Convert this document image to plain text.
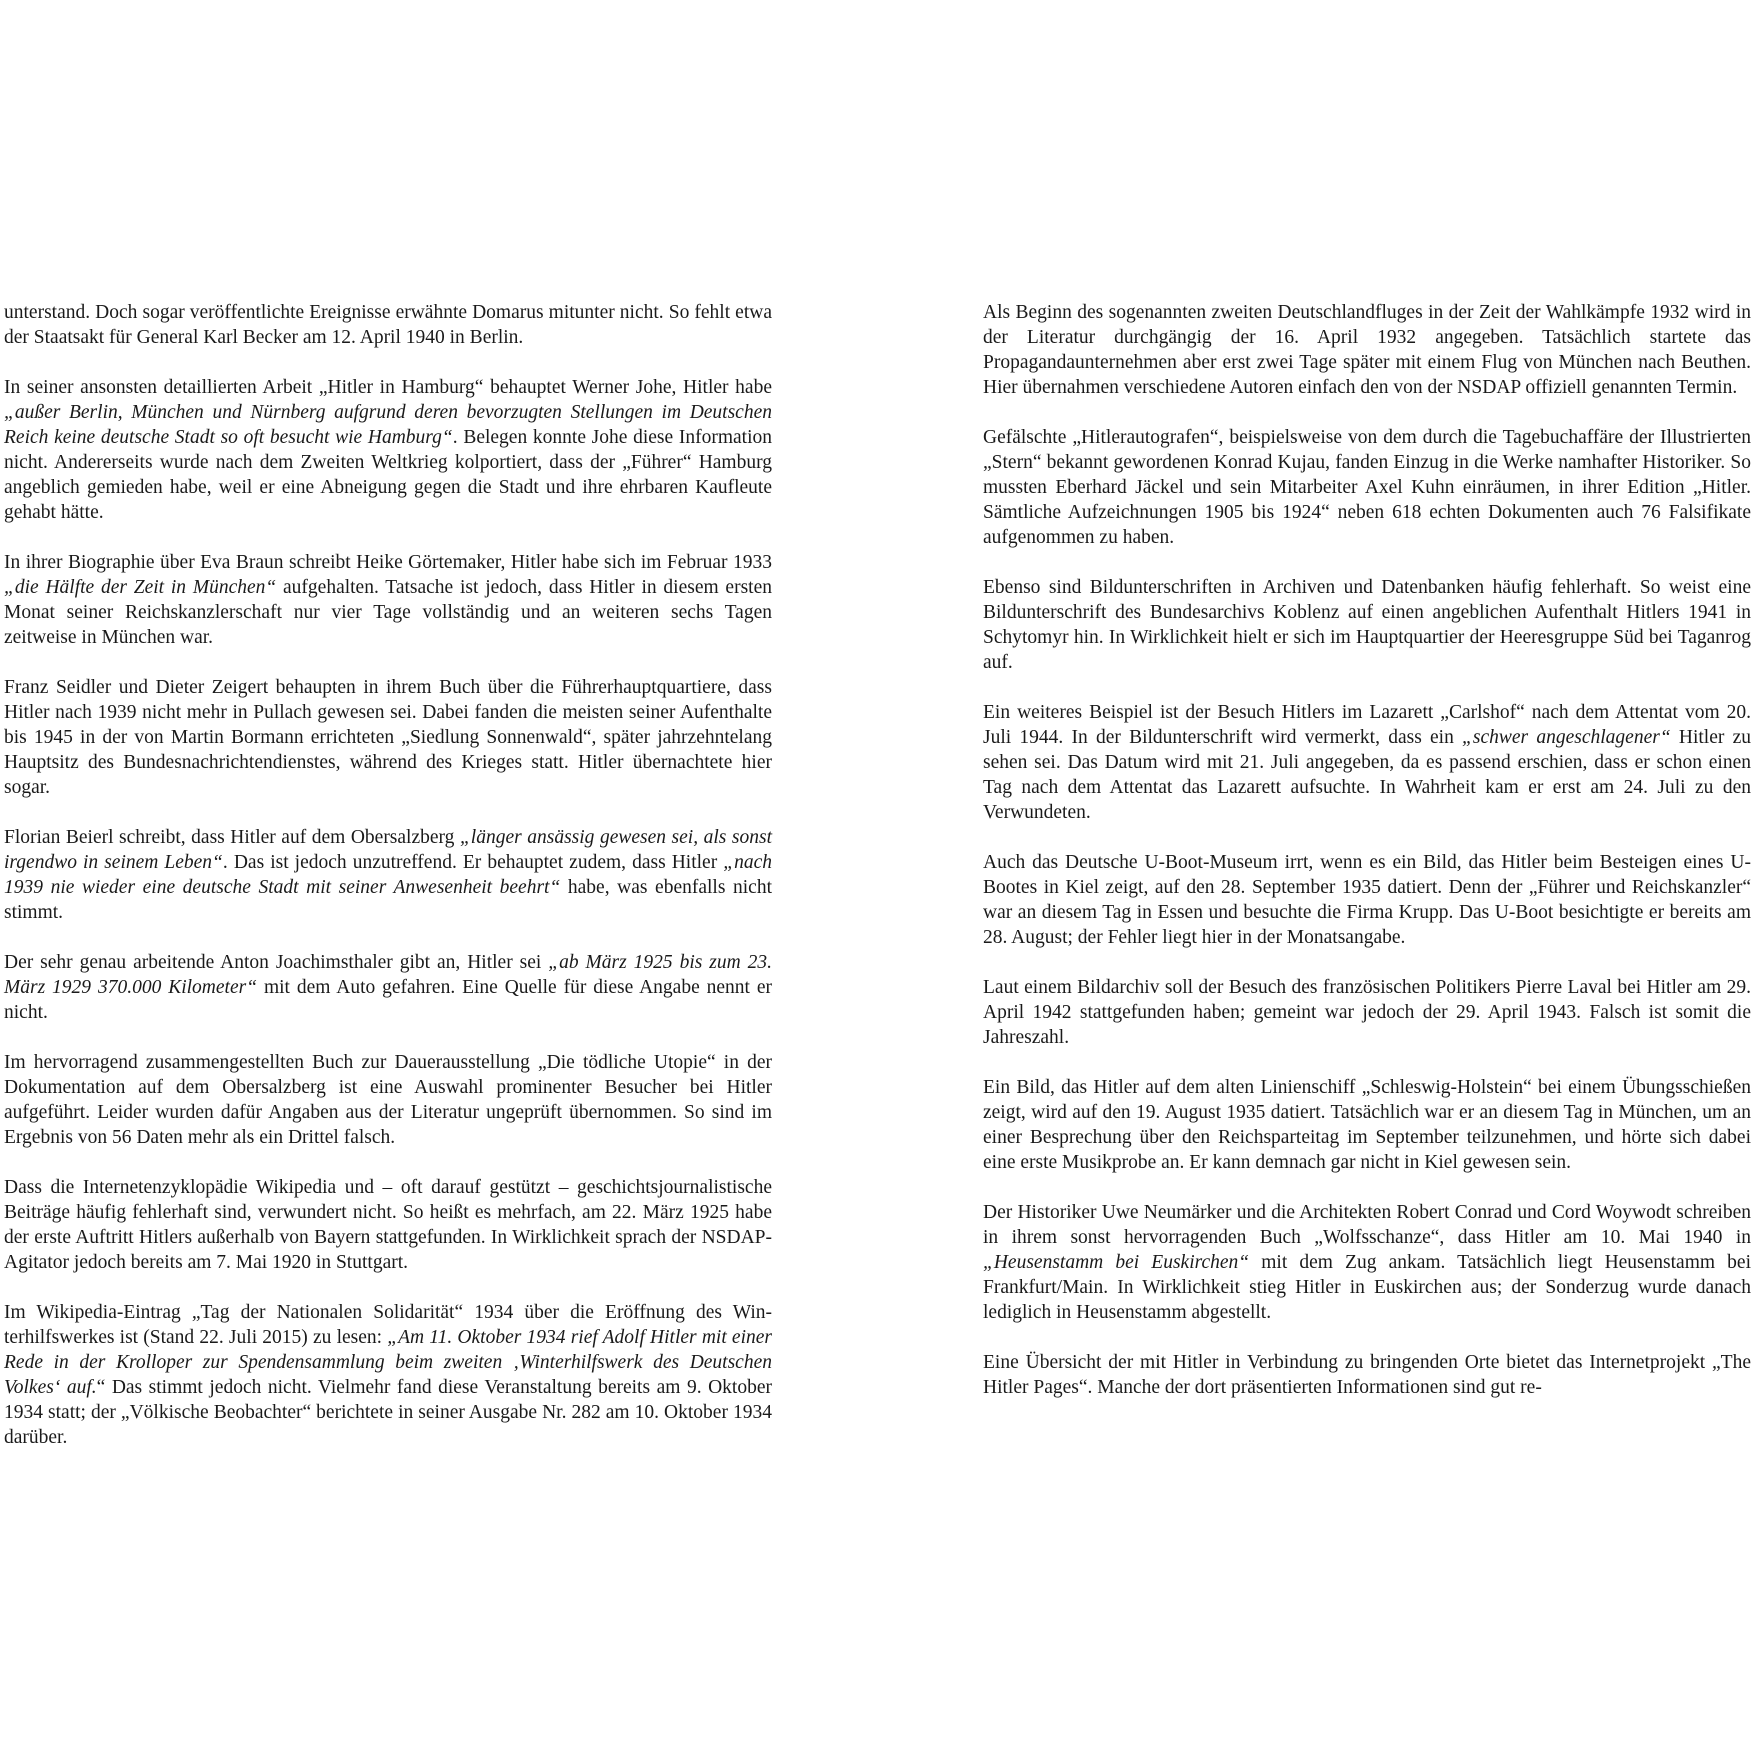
unterstand. Doch sogar veröffentlichte Ereignisse erwähnte Domarus mitunter nicht. So fehlt etwa der Staatsakt für General Karl Becker am 12. April 1940 in Berlin.

In seiner ansonsten detaillierten Arbeit „Hitler in Hamburg“ behauptet Werner Johe, Hitler habe „außer Berlin, München und Nürnberg aufgrund deren bevorzugten Stellungen im Deutschen Reich keine deutsche Stadt so oft besucht wie Hamburg“. Belegen konnte Johe diese Information nicht. Andererseits wurde nach dem Zweiten Weltkrieg kolportiert, dass der „Führer“ Hamburg angeblich gemieden habe, weil er eine Abneigung gegen die Stadt und ihre ehrbaren Kaufleute gehabt hätte.

In ihrer Biographie über Eva Braun schreibt Heike Görtemaker, Hitler habe sich im Februar 1933 „die Hälfte der Zeit in München“ aufgehalten. Tatsache ist jedoch, dass Hitler in diesem ersten Monat seiner Reichskanzlerschaft nur vier Tage vollständig und an weiteren sechs Tagen zeitweise in München war.

Franz Seidler und Dieter Zeigert behaupten in ihrem Buch über die Führerhauptquartiere, dass Hitler nach 1939 nicht mehr in Pullach gewesen sei. Dabei fanden die meisten seiner Aufenthalte bis 1945 in der von Martin Bormann errichteten „Siedlung Sonnenwald“, später jahrzehntelang Hauptsitz des Bundesnachrichtendienstes, während des Krieges statt. Hitler übernachtete hier sogar.

Florian Beierl schreibt, dass Hitler auf dem Obersalzberg „länger ansässig gewesen sei, als sonst irgendwo in seinem Leben“. Das ist jedoch unzutreffend. Er behauptet zudem, dass Hitler „nach 1939 nie wieder eine deutsche Stadt mit seiner Anwesenheit beehrt“ habe, was ebenfalls nicht stimmt.

Der sehr genau arbeitende Anton Joachimsthaler gibt an, Hitler sei „ab März 1925 bis zum 23. März 1929 370.000 Kilometer“ mit dem Auto gefahren. Eine Quelle für diese Angabe nennt er nicht.

Im hervorragend zusammengestellten Buch zur Dauerausstellung „Die tödliche Utopie“ in der Dokumentation auf dem Obersalzberg ist eine Auswahl prominenter Besucher bei Hitler aufgeführt. Leider wurden dafür Angaben aus der Literatur ungeprüft übernommen. So sind im Ergebnis von 56 Daten mehr als ein Drittel falsch.

Dass die Internetenzyklopädie Wikipedia und – oft darauf gestützt – geschichtsjournalistische Beiträge häufig fehlerhaft sind, verwundert nicht. So heißt es mehrfach, am 22. März 1925 habe der erste Auftritt Hitlers außerhalb von Bayern stattgefunden. In Wirklichkeit sprach der NSDAP-Agitator jedoch bereits am 7. Mai 1920 in Stuttgart.

Im Wikipedia-Eintrag „Tag der Nationalen Solidarität“ 1934 über die Eröffnung des Winterhilfswerkes ist (Stand 22. Juli 2015) zu lesen: „Am 11. Oktober 1934 rief Adolf Hitler mit einer Rede in der Krolloper zur Spendensammlung beim zweiten ‚Winterhilfswerk des Deutschen Volkes‘ auf.“ Das stimmt jedoch nicht. Vielmehr fand diese Veranstaltung bereits am 9. Oktober 1934 statt; der „Völkische Beobachter“ berichtete in seiner Ausgabe Nr. 282 am 10. Oktober 1934 darüber.

Als Beginn des sogenannten zweiten Deutschlandfluges in der Zeit der Wahlkämpfe 1932 wird in der Literatur durchgängig der 16. April 1932 angegeben. Tatsächlich startete das Propagandaunternehmen aber erst zwei Tage später mit einem Flug von München nach Beuthen. Hier übernahmen verschiedene Autoren einfach den von der NSDAP offiziell genannten Termin.

Gefälschte „Hitlerautografen“, beispielsweise von dem durch die Tagebuchaffäre der Illustrierten „Stern“ bekannt gewordenen Konrad Kujau, fanden Einzug in die Werke namhafter Historiker. So mussten Eberhard Jäckel und sein Mitarbeiter Axel Kuhn einräumen, in ihrer Edition „Hitler. Sämtliche Aufzeichnungen 1905 bis 1924“ neben 618 echten Dokumenten auch 76 Falsifikate aufgenommen zu haben.

Ebenso sind Bildunterschriften in Archiven und Datenbanken häufig fehlerhaft. So weist eine Bildunterschrift des Bundesarchivs Koblenz auf einen angeblichen Aufenthalt Hitlers 1941 in Schytomyr hin. In Wirklichkeit hielt er sich im Hauptquartier der Heeresgruppe Süd bei Taganrog auf.

Ein weiteres Beispiel ist der Besuch Hitlers im Lazarett „Carlshof“ nach dem Attentat vom 20. Juli 1944. In der Bildunterschrift wird vermerkt, dass ein „schwer angeschlagener“ Hitler zu sehen sei. Das Datum wird mit 21. Juli angegeben, da es passend erschien, dass er schon einen Tag nach dem Attentat das Lazarett aufsuchte. In Wahrheit kam er erst am 24. Juli zu den Verwundeten.

Auch das Deutsche U-Boot-Museum irrt, wenn es ein Bild, das Hitler beim Besteigen eines U-Bootes in Kiel zeigt, auf den 28. September 1935 datiert. Denn der „Führer und Reichskanzler“ war an diesem Tag in Essen und besuchte die Firma Krupp. Das U-Boot besichtigte er bereits am 28. August; der Fehler liegt hier in der Monatsangabe.

Laut einem Bildarchiv soll der Besuch des französischen Politikers Pierre Laval bei Hitler am 29. April 1942 stattgefunden haben; gemeint war jedoch der 29. April 1943. Falsch ist somit die Jahreszahl.

Ein Bild, das Hitler auf dem alten Linienschiff „Schleswig-Holstein“ bei einem Übungsschießen zeigt, wird auf den 19. August 1935 datiert. Tatsächlich war er an diesem Tag in München, um an einer Besprechung über den Reichsparteitag im September teilzunehmen, und hörte sich dabei eine erste Musikprobe an. Er kann demnach gar nicht in Kiel gewesen sein.

Der Historiker Uwe Neumärker und die Architekten Robert Conrad und Cord Woywodt schreiben in ihrem sonst hervorragenden Buch „Wolfsschanze“, dass Hitler am 10. Mai 1940 in „Heusenstamm bei Euskirchen“ mit dem Zug ankam. Tatsächlich liegt Heusenstamm bei Frankfurt/Main. In Wirklichkeit stieg Hitler in Euskirchen aus; der Sonderzug wurde danach lediglich in Heusenstamm abgestellt.

Eine Übersicht der mit Hitler in Verbindung zu bringenden Orte bietet das Internetprojekt „The Hitler Pages“. Manche der dort präsentierten Informationen sind gut re-
